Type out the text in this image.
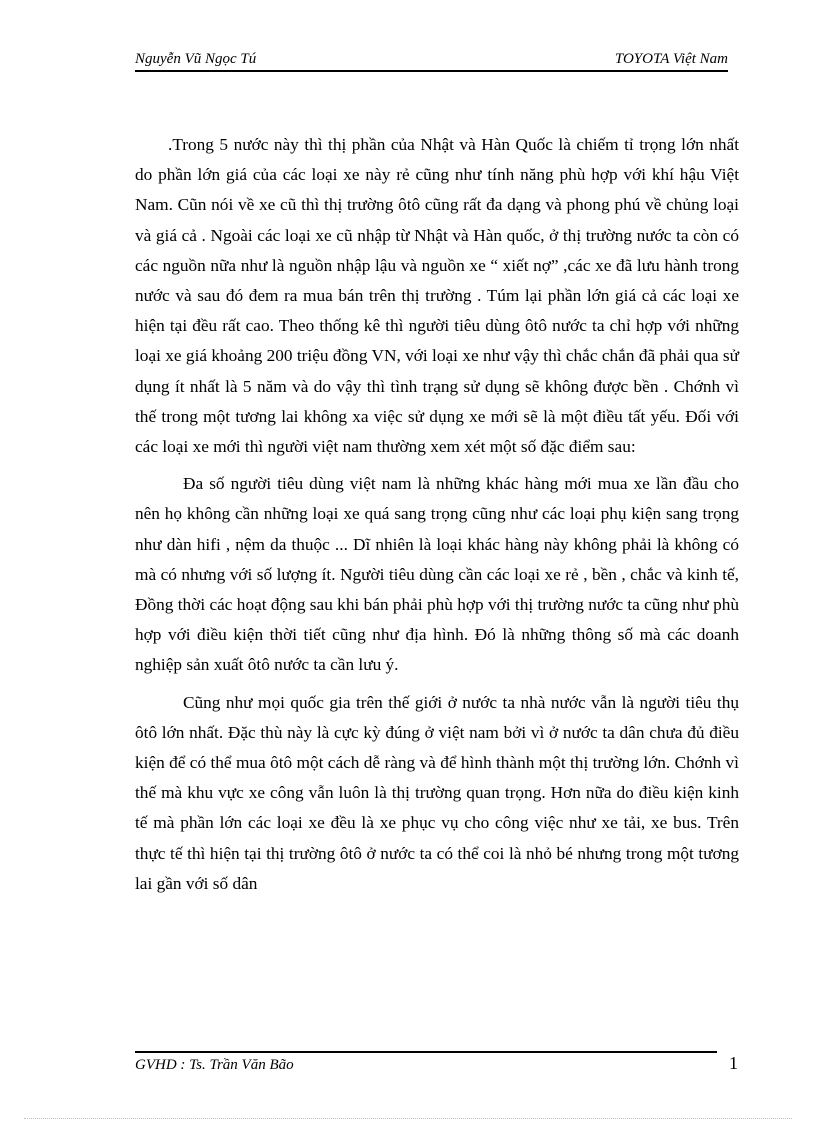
Nguyễn Vũ Ngọc Tú	TOYOTA Việt Nam

.Trong 5 nước này thì thị phần của Nhật và Hàn Quốc là chiếm tỉ trọng lớn nhất do phần lớn giá của các loại xe này rẻ cũng như tính năng phù hợp với khí hậu Việt Nam. Cũn nói về xe cũ thì thị trường ôtô cũng rất đa dạng và phong phú về chủng loại và giá cả . Ngoài các loại xe cũ nhập từ Nhật và Hàn quốc, ở thị trường nước ta còn có các nguồn nữa như là nguồn nhập lậu và nguồn xe “ xiết nợ” ,các xe đã lưu hành trong nước và sau đó đem ra mua bán trên thị trường . Túm lại phần lớn giá cả các loại xe hiện tại đều rất cao. Theo thống kê thì người tiêu dùng ôtô nước ta chỉ hợp với những loại xe giá khoảng 200 triệu đồng VN, với loại xe như vậy thì chắc chắn đã phải qua sử dụng ít nhất là 5 năm và do vậy thì tình trạng sử dụng sẽ không được bền . Chớnh vì thế trong một tương lai không xa việc sử dụng xe mới sẽ là một điều tất yếu. Đối với các loại xe mới thì người việt nam thường xem xét một số đặc điểm sau:

Đa số người tiêu dùng việt nam là những khác hàng mới mua xe lần đầu cho nên họ không cần những loại xe quá sang trọng cũng như các loại phụ kiện sang trọng như dàn hifi , nệm da thuộc ... Dĩ nhiên là loại khác hàng này không phải là không có mà có nhưng với số lượng ít. Người tiêu dùng cần các loại xe rẻ , bền , chắc và kinh tế, Đồng thời các hoạt động sau khi bán phải phù hợp với thị trường nước ta cũng như phù hợp với điều kiện thời tiết cũng như địa hình. Đó là những thông số mà các doanh nghiệp sản xuất ôtô nước ta cần lưu ý.

Cũng như mọi quốc gia trên thế giới ở nước ta nhà nước vẫn là người tiêu thụ ôtô lớn nhất. Đặc thù này là cực kỳ đúng ở việt nam bởi vì ở nước ta dân chưa đủ điều kiện để có thể mua ôtô một cách dễ ràng và để hình thành một thị trường lớn. Chớnh vì thế mà khu vực xe công vẫn luôn là thị trường quan trọng. Hơn nữa do điều kiện kinh tế mà phần lớn các loại xe đều là xe phục vụ cho công việc như xe tải, xe bus. Trên thực tế thì hiện tại thị trường ôtô ở nước ta có thể coi là nhỏ bé nhưng trong một tương lai gần với số dân

GVHD : Ts. Trần Văn Bão	1
